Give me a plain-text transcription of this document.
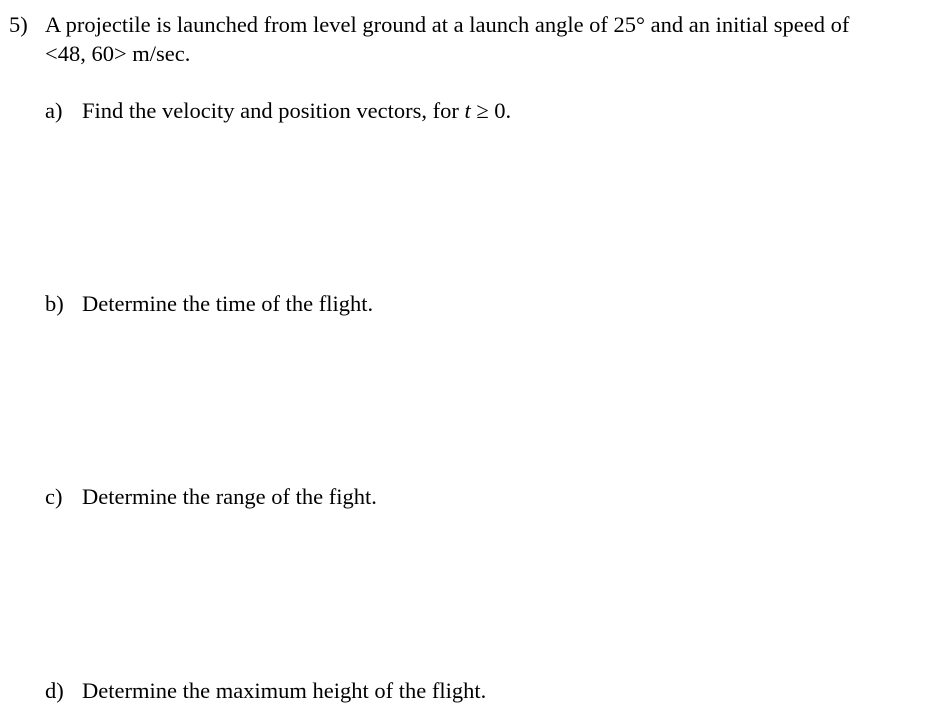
5) A projectile is launched from level ground at a launch angle of 25° and an initial speed of
<48, 60> m/sec.
a) Find the velocity and position vectors, for t ≥ 0.
b) Determine the time of the flight.
c) Determine the range of the fight.
d) Determine the maximum height of the flight.
